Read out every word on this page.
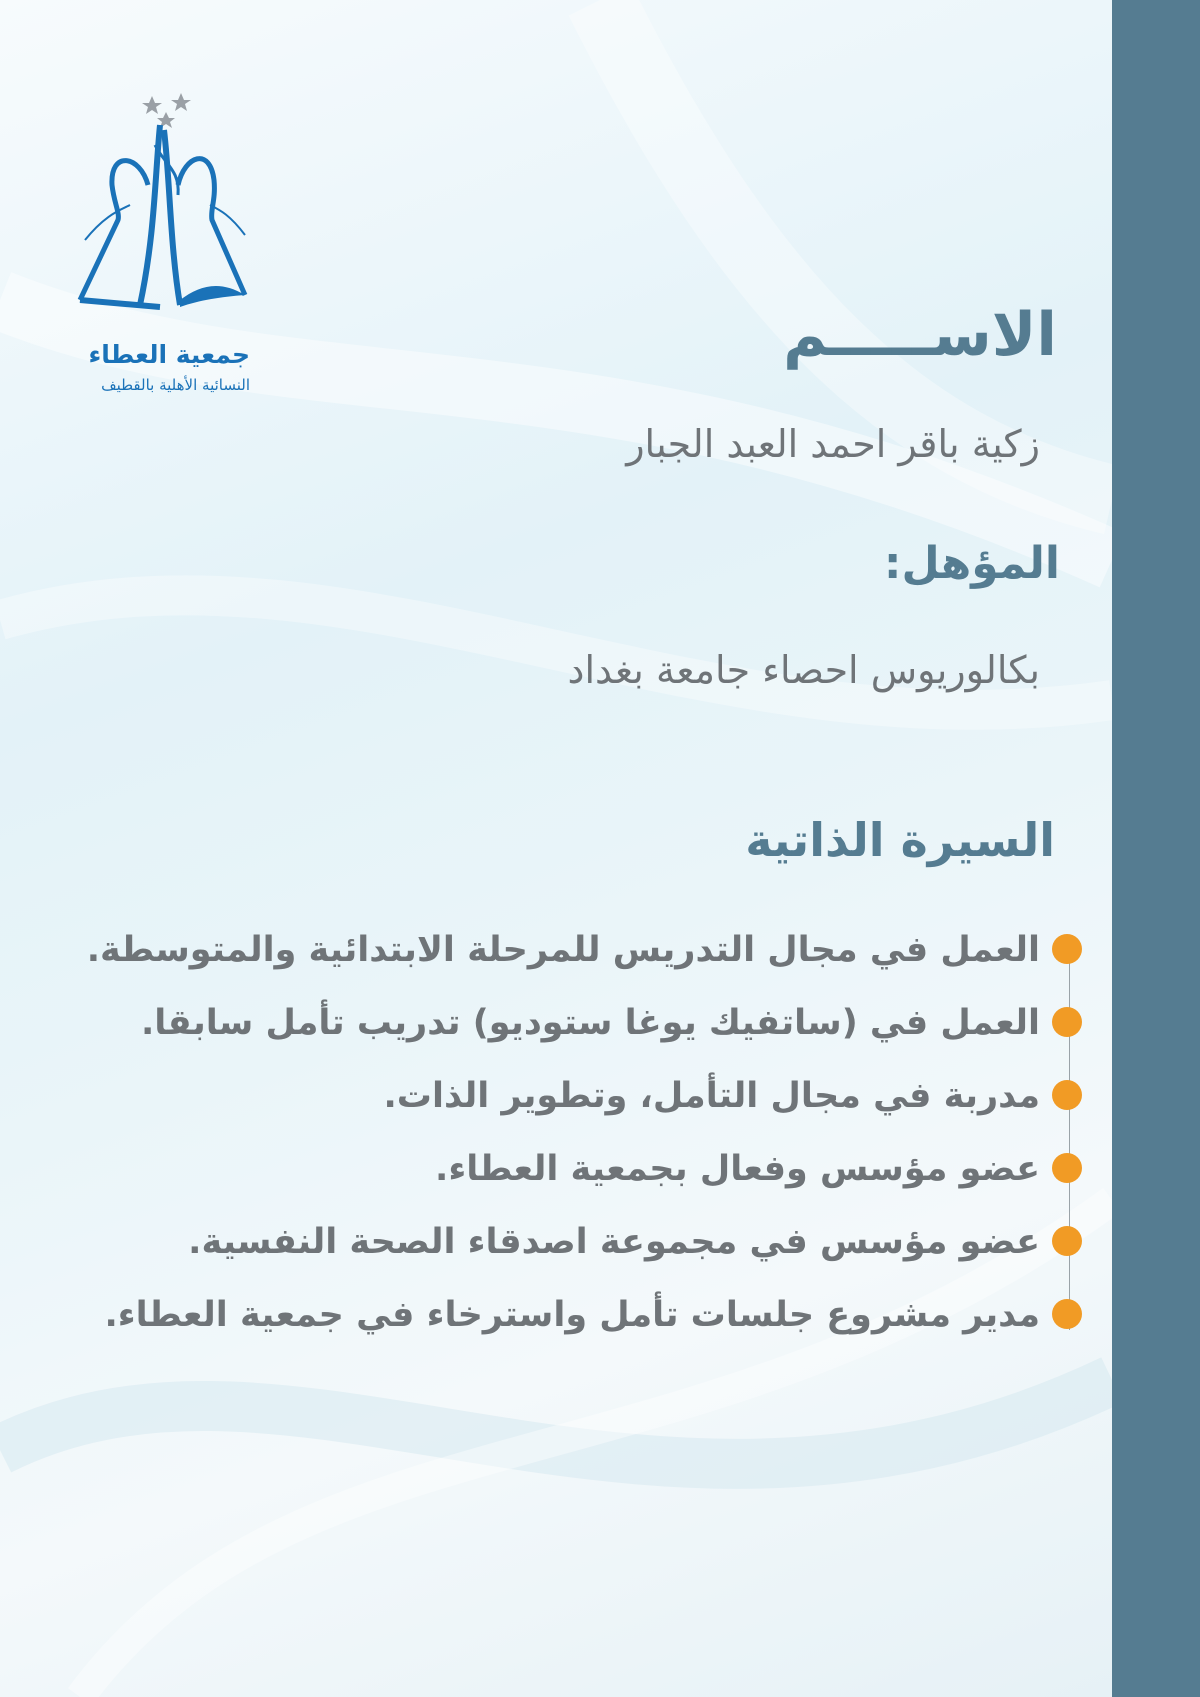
جمعية العطاء
النسائية الأهلية بالقطيف
الاســـــم
زكية باقر احمد العبد الجبار
المؤهل:
بكالوريوس احصاء جامعة بغداد
السيرة الذاتية
العمل في مجال التدريس للمرحلة الابتدائية والمتوسطة.
العمل في (ساتفيك يوغا ستوديو) تدريب تأمل سابقا.
مدربة في مجال التأمل، وتطوير الذات.
عضو مؤسس وفعال بجمعية العطاء.
عضو مؤسس في مجموعة اصدقاء الصحة النفسية.
مدير مشروع جلسات تأمل واسترخاء في جمعية العطاء.
